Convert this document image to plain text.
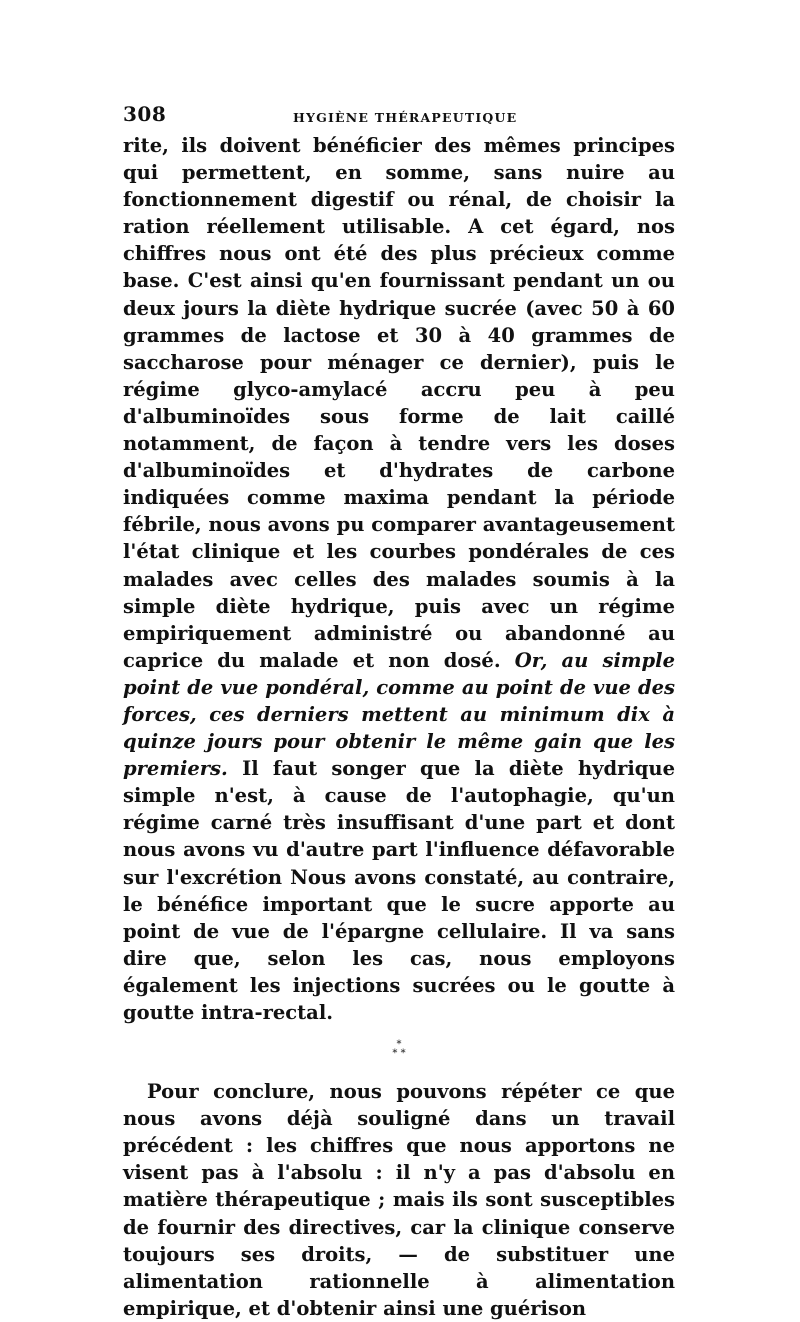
308	HYGIÈNE THÉRAPEUTIQUE

rite, ils doivent bénéficier des mêmes principes qui permettent, en somme, sans nuire au fonctionnement digestif ou rénal, de choisir la ration réellement utilisable. A cet égard, nos chiffres nous ont été des plus précieux comme base. C'est ainsi qu'en fournissant pendant un ou deux jours la diète hydrique sucrée (avec 50 à 60 grammes de lactose et 30 à 40 grammes de saccharose pour ménager ce dernier), puis le régime glyco-amylacé accru peu à peu d'albuminoïdes sous forme de lait caillé notamment, de façon à tendre vers les doses d'albuminoïdes et d'hydrates de carbone indiquées comme maxima pendant la période fébrile, nous avons pu comparer avantageusement l'état clinique et les courbes pondérales de ces malades avec celles des malades soumis à la simple diète hydrique, puis avec un régime empiriquement administré ou abandonné au caprice du malade et non dosé. Or, au simple point de vue pondéral, comme au point de vue des forces, ces derniers mettent au minimum dix à quinze jours pour obtenir le même gain que les premiers. Il faut songer que la diète hydrique simple n'est, à cause de l'autophagie, qu'un régime carné très insuffisant d'une part et dont nous avons vu d'autre part l'influence défavorable sur l'excrétion Nous avons constaté, au contraire, le bénéfice important que le sucre apporte au point de vue de l'épargne cellulaire. Il va sans dire que, selon les cas, nous employons également les injections sucrées ou le goutte à goutte intra-rectal.

*
* *

Pour conclure, nous pouvons répéter ce que nous avons déjà souligné dans un travail précédent : les chiffres que nous apportons ne visent pas à l'absolu : il n'y a pas d'absolu en matière thérapeutique ; mais ils sont susceptibles de fournir des directives, car la clinique conserve toujours ses droits, — de substituer une alimentation rationnelle à alimentation empirique, et d'obtenir ainsi une guérison
